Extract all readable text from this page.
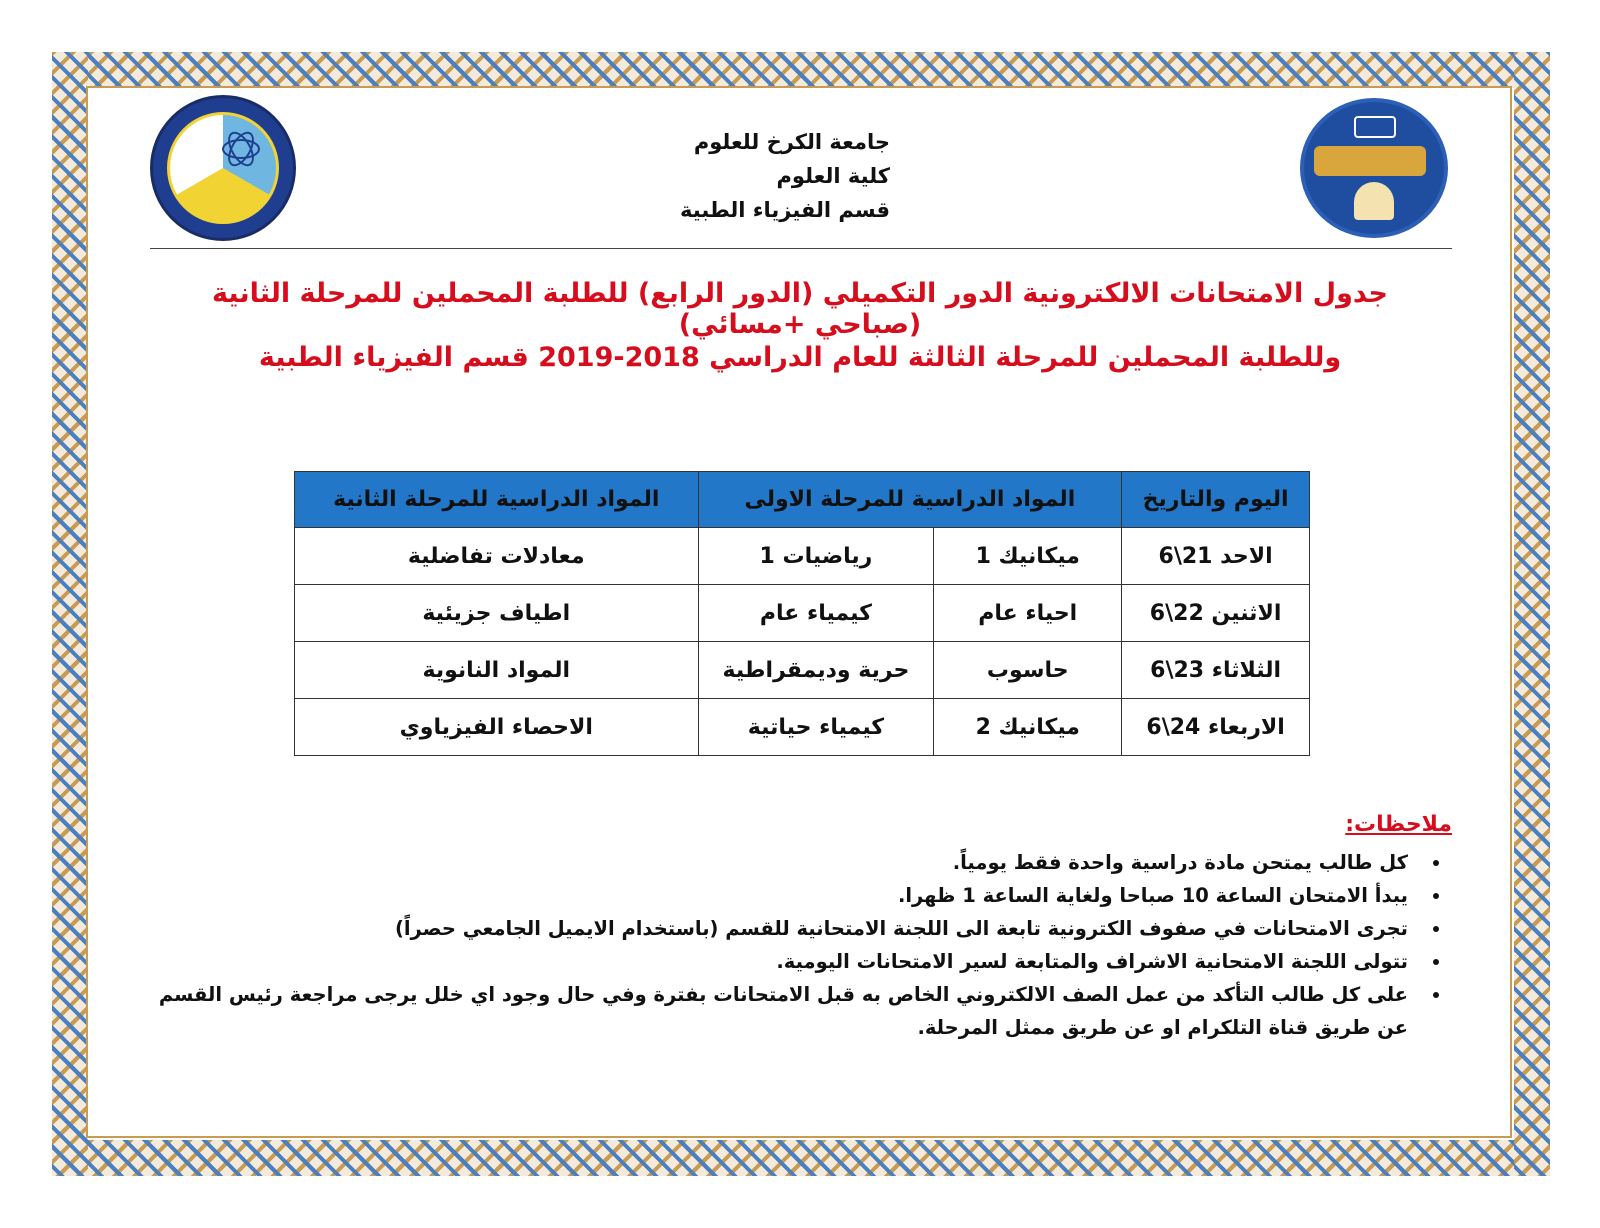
جامعة الكرخ للعلوم
كلية العلوم
قسم الفيزياء الطبية
جدول الامتحانات الالكترونية الدور التكميلي (الدور الرابع) للطلبة المحملين للمرحلة الثانية (صباحي +مسائي)
وللطلبة المحملين للمرحلة الثالثة للعام الدراسي 2018-2019 قسم الفيزياء الطبية
اليوم والتاريخ	المواد الدراسية للمرحلة الاولى		المواد الدراسية للمرحلة الثانية
الاحد 21\6	ميكانيك 1	رياضيات 1	معادلات تفاضلية
الاثنين 22\6	احياء عام	كيمياء عام	اطياف جزيئية
الثلاثاء 23\6	حاسوب	حرية وديمقراطية	المواد النانوية
الاربعاء 24\6	ميكانيك 2	كيمياء حياتية	الاحصاء الفيزياوي
ملاحظات:
• كل طالب يمتحن مادة دراسية واحدة فقط يومياً.
• يبدأ الامتحان الساعة 10 صباحا ولغاية الساعة 1 ظهرا.
• تجرى الامتحانات في صفوف الكترونية تابعة الى اللجنة الامتحانية للقسم (باستخدام الايميل الجامعي حصراً)
• تتولى اللجنة الامتحانية الاشراف والمتابعة لسير الامتحانات اليومية.
• على كل طالب التأكد من عمل الصف الالكتروني الخاص به قبل الامتحانات بفترة وفي حال وجود اي خلل يرجى مراجعة رئيس القسم عن طريق قناة التلكرام او عن طريق ممثل المرحلة.
